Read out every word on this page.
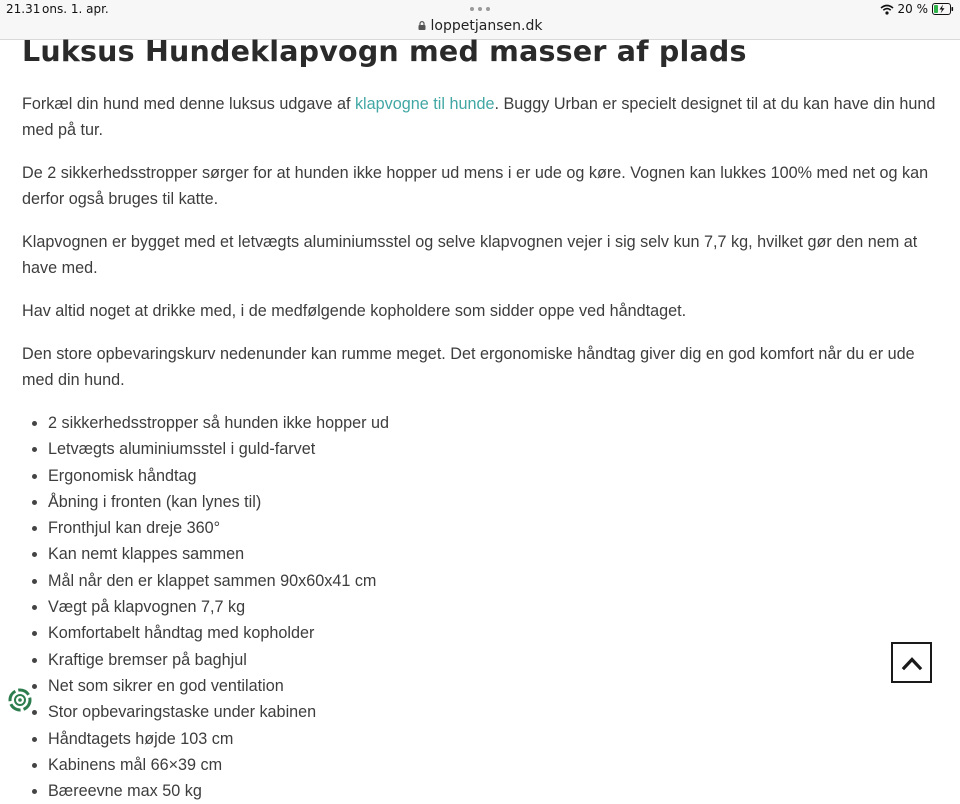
21.31 ons. 1. apr.
loppetjansen.dk
20 %
Luksus Hundeklapvogn med masser af plads

Forkæl din hund med denne luksus udgave af klapvogne til hunde. Buggy Urban er specielt designet til at du kan have din hund med på tur.

De 2 sikkerhedsstropper sørger for at hunden ikke hopper ud mens i er ude og køre. Vognen kan lukkes 100% med net og kan derfor også bruges til katte.

Klapvognen er bygget med et letvægts aluminiumsstel og selve klapvognen vejer i sig selv kun 7,7 kg, hvilket gør den nem at have med.

Hav altid noget at drikke med, i de medfølgende kopholdere som sidder oppe ved håndtaget.

Den store opbevaringskurv nedenunder kan rumme meget. Det ergonomiske håndtag giver dig en god komfort når du er ude med din hund.

2 sikkerhedsstropper så hunden ikke hopper ud
Letvægts aluminiumsstel i guld-farvet
Ergonomisk håndtag
Åbning i fronten (kan lynes til)
Fronthjul kan dreje 360°
Kan nemt klappes sammen
Mål når den er klappet sammen 90x60x41 cm
Vægt på klapvognen 7,7 kg
Komfortabelt håndtag med kopholder
Kraftige bremser på baghjul
Net som sikrer en god ventilation
Stor opbevaringstaske under kabinen
Håndtagets højde 103 cm
Kabinens mål 66×39 cm
Bæreevne max 50 kg
